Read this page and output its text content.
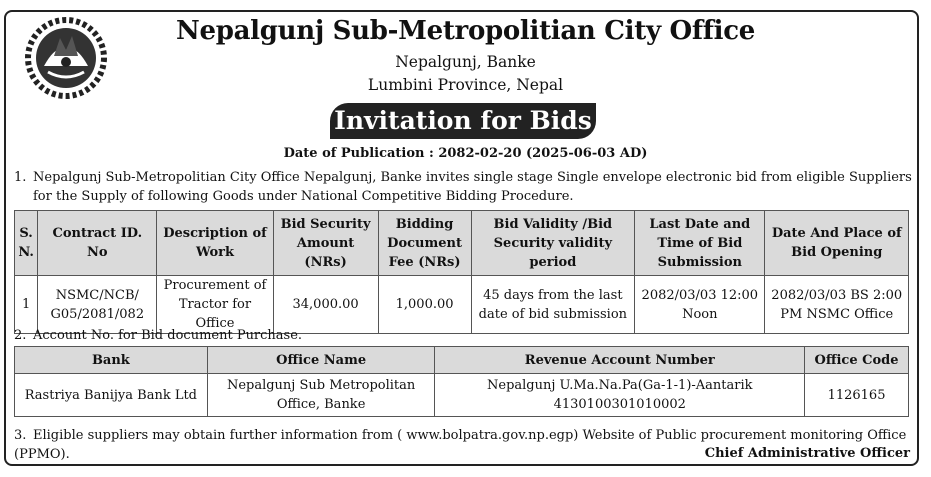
Nepalgunj Sub-Metropolitian City Office
Nepalgunj, Banke
Lumbini Province, Nepal
Invitation for Bids
Date of Publication : 2082-02-20 (2025-06-03 AD)
1. Nepalgunj Sub-Metropolitian City Office Nepalgunj, Banke invites single stage Single envelope electronic bid from eligible Suppliers for the Supply of following Goods under National Competitive Bidding Procedure.
S. N.	Contract ID. No	Description of Work	Bid Security Amount (NRs)	Bidding Document Fee (NRs)	Bid Validity /Bid Security validity period	Last Date and Time of Bid Submission	Date And Place of Bid Opening
1	NSMC/NCB/ G05/2081/082	Procurement of Tractor for Office	34,000.00	1,000.00	45 days from the last date of bid submission	2082/03/03 12:00 Noon	2082/03/03 BS 2:00 PM NSMC Office
2. Account No. for Bid document Purchase.
Bank	Office Name	Revenue Account Number	Office Code
Rastriya Banijya Bank Ltd	Nepalgunj Sub Metropolitan Office, Banke	Nepalgunj U.Ma.Na.Pa(Ga-1-1)-Aantarik 4130100301010002	1126165
3. Eligible suppliers may obtain further information from ( www.bolpatra.gov.np.egp) Website of Public procurement monitoring Office (PPMO).	Chief Administrative Officer
